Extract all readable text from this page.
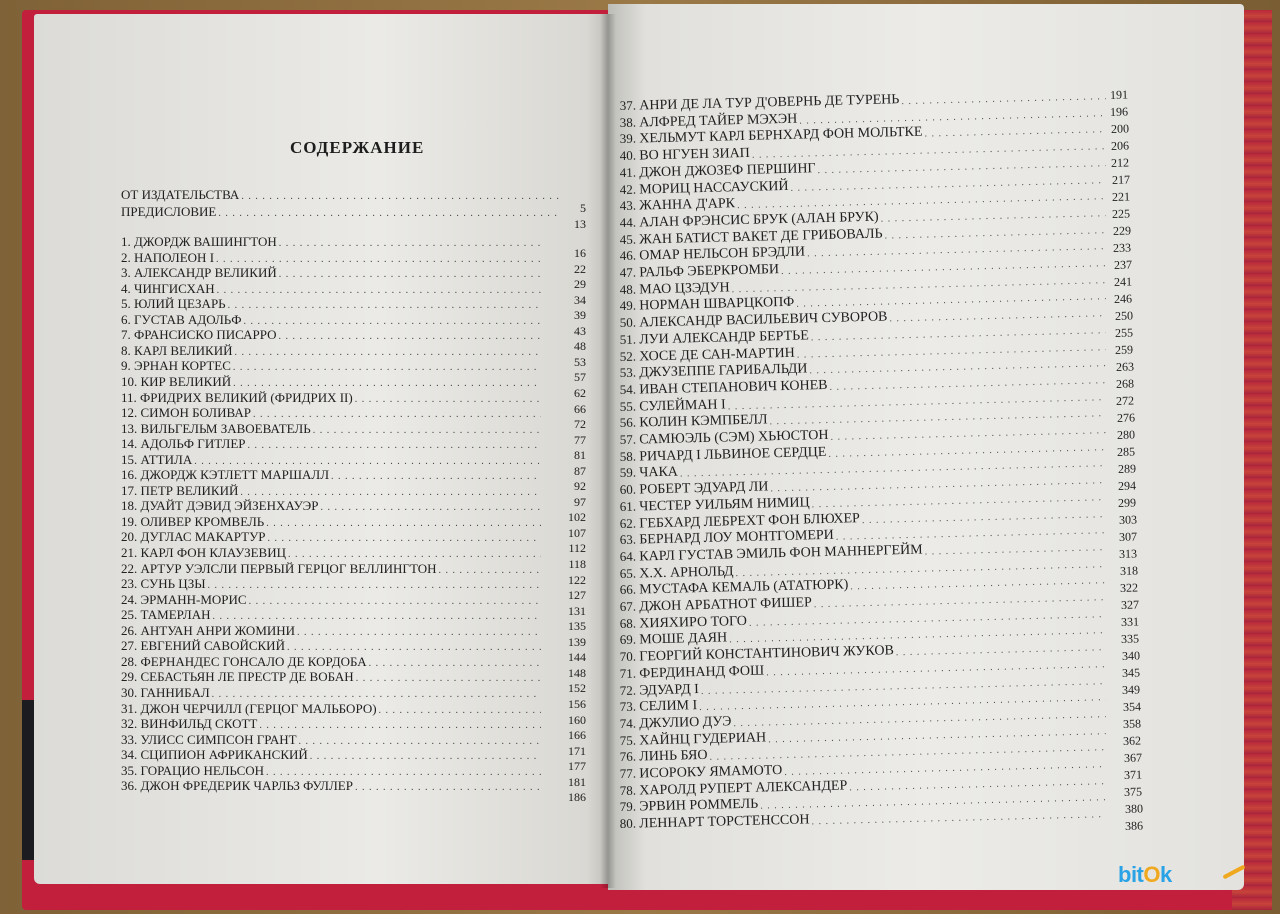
СОДЕРЖАНИЕ
ОТ ИЗДАТЕЛЬСТВА
. . .
ПРЕДИСЛОВИЕ
. . .
1. ДЖОРДЖ ВАШИНГТОН
. . .
2. НАПОЛЕОН I
. . .
3. АЛЕКСАНДР ВЕЛИКИЙ
. . .
4. ЧИНГИСХАН
. . .
5. ЮЛИЙ ЦЕЗАРЬ
. . .
6. ГУСТАВ АДОЛЬФ
. . .
7. ФРАНСИСКО ПИСАРРО
. . .
8. КАРЛ ВЕЛИКИЙ
. . .
9. ЭРНАН КОРТЕС
. . .
10. КИР ВЕЛИКИЙ
. . .
11. ФРИДРИХ ВЕЛИКИЙ (ФРИДРИХ II)
. . .
12. СИМОН БОЛИВАР
. . .
13. ВИЛЬГЕЛЬМ ЗАВОЕВАТЕЛЬ
. . .
14. АДОЛЬФ ГИТЛЕР
. . .
15. АТТИЛА
. . .
16. ДЖОРДЖ КЭТЛЕТТ МАРШАЛЛ
. . .
17. ПЕТР ВЕЛИКИЙ
. . .
18. ДУАЙТ ДЭВИД ЭЙЗЕНХАУЭР
. . .
19. ОЛИВЕР КРОМВЕЛЬ
. . .
20. ДУГЛАС МАКАРТУР
. . .
21. КАРЛ ФОН КЛАУЗЕВИЦ
. . .
22. АРТУР УЭЛСЛИ ПЕРВЫЙ ГЕРЦОГ ВЕЛЛИНГТОН
. . .
23. СУНЬ ЦЗЫ
. . .
24. ЭРМАНН-МОРИС
. . .
25. ТАМЕРЛАН
. . .
26. АНТУАН АНРИ ЖОМИНИ
. . .
27. ЕВГЕНИЙ САВОЙСКИЙ
. . .
28. ФЕРНАНДЕС ГОНСАЛО ДЕ КОРДОБА
. . .
29. СЕБАСТЬЯН ЛЕ ПРЕСТР ДЕ ВОБАН
. . .
30. ГАННИБАЛ
. . .
31. ДЖОН ЧЕРЧИЛЛ (ГЕРЦОГ МАЛЬБОРО)
. . .
32. ВИНФИЛЬД СКОТТ
. . .
33. УЛИСС СИМПСОН ГРАНТ
. . .
34. СЦИПИОН АФРИКАНСКИЙ
. . .
35. ГОРАЦИО НЕЛЬСОН
. . .
36. ДЖОН ФРЕДЕРИК ЧАРЛЬЗ ФУЛЛЕР
. . .
5
13
16
22
29
34
39
43
48
53
57
62
66
72
77
81
87
92
97
102
107
112
118
122
127
131
135
139
144
148
152
156
160
166
171
177
181
186
37. АНРИ ДЕ ЛА ТУР Д'ОВЕРНЬ ДЕ ТУРЕНЬ
. . .
38. АЛФРЕД ТАЙЕР МЭХЭН
. . .
39. ХЕЛЬМУТ КАРЛ БЕРНХАРД ФОН МОЛЬТКЕ
. . .
40. ВО НГУЕН ЗИАП
. . .
41. ДЖОН ДЖОЗЕФ ПЕРШИНГ
. . .
42. МОРИЦ НАССАУСКИЙ
. . .
43. ЖАННА Д'АРК
. . .
44. АЛАН ФРЭНСИС БРУК (АЛАН БРУК)
. . .
45. ЖАН БАТИСТ ВАКЕТ ДЕ ГРИБОВАЛЬ
. . .
46. ОМАР НЕЛЬСОН БРЭДЛИ
. . .
47. РАЛЬФ ЭБЕРКРОМБИ
. . .
48. МАО ЦЗЭДУН
. . .
49. НОРМАН ШВАРЦКОПФ
. . .
50. АЛЕКСАНДР ВАСИЛЬЕВИЧ СУВОРОВ
. . .
51. ЛУИ АЛЕКСАНДР БЕРТЬЕ
. . .
52. ХОСЕ ДЕ САН-МАРТИН
. . .
53. ДЖУЗЕППЕ ГАРИБАЛЬДИ
. . .
54. ИВАН СТЕПАНОВИЧ КОНЕВ
. . .
55. СУЛЕЙМАН I
. . .
56. КОЛИН КЭМПБЕЛЛ
. . .
57. САМЮЭЛЬ (СЭМ) ХЬЮСТОН
. . .
58. РИЧАРД I ЛЬВИНОЕ СЕРДЦЕ
. . .
59. ЧАКА
. . .
60. РОБЕРТ ЭДУАРД ЛИ
. . .
61. ЧЕСТЕР УИЛЬЯМ НИМИЦ
. . .
62. ГЕБХАРД ЛЕБРЕХТ ФОН БЛЮХЕР
. . .
63. БЕРНАРД ЛОУ МОНТГОМЕРИ
. . .
64. КАРЛ ГУСТАВ ЭМИЛЬ ФОН МАННЕРГЕЙМ
. . .
65. Х.Х. АРНОЛЬД
. . .
66. МУСТАФА КЕМАЛЬ (АТАТЮРК)
. . .
67. ДЖОН АРБАТНОТ ФИШЕР
. . .
68. ХИЯХИРО ТОГО
. . .
69. МОШЕ ДАЯН
. . .
70. ГЕОРГИЙ КОНСТАНТИНОВИЧ ЖУКОВ
. . .
71. ФЕРДИНАНД ФОШ
. . .
72. ЭДУАРД I
. . .
73. СЕЛИМ I
. . .
74. ДЖУЛИО ДУЭ
. . .
75. ХАЙНЦ ГУДЕРИАН
. . .
76. ЛИНЬ БЯО
. . .
77. ИСОРОКУ ЯМАМОТО
. . .
78. ХАРОЛД РУПЕРТ АЛЕКСАНДЕР
. . .
79. ЭРВИН РОММЕЛЬ
. . .
80. ЛЕННАРТ ТОРСТЕНССОН
. . .
191
196
200
206
212
217
221
225
229
233
237
241
246
250
255
259
263
268
272
276
280
285
289
294
299
303
307
313
318
322
327
331
335
340
345
349
354
358
362
367
371
375
380
386
bitOk
